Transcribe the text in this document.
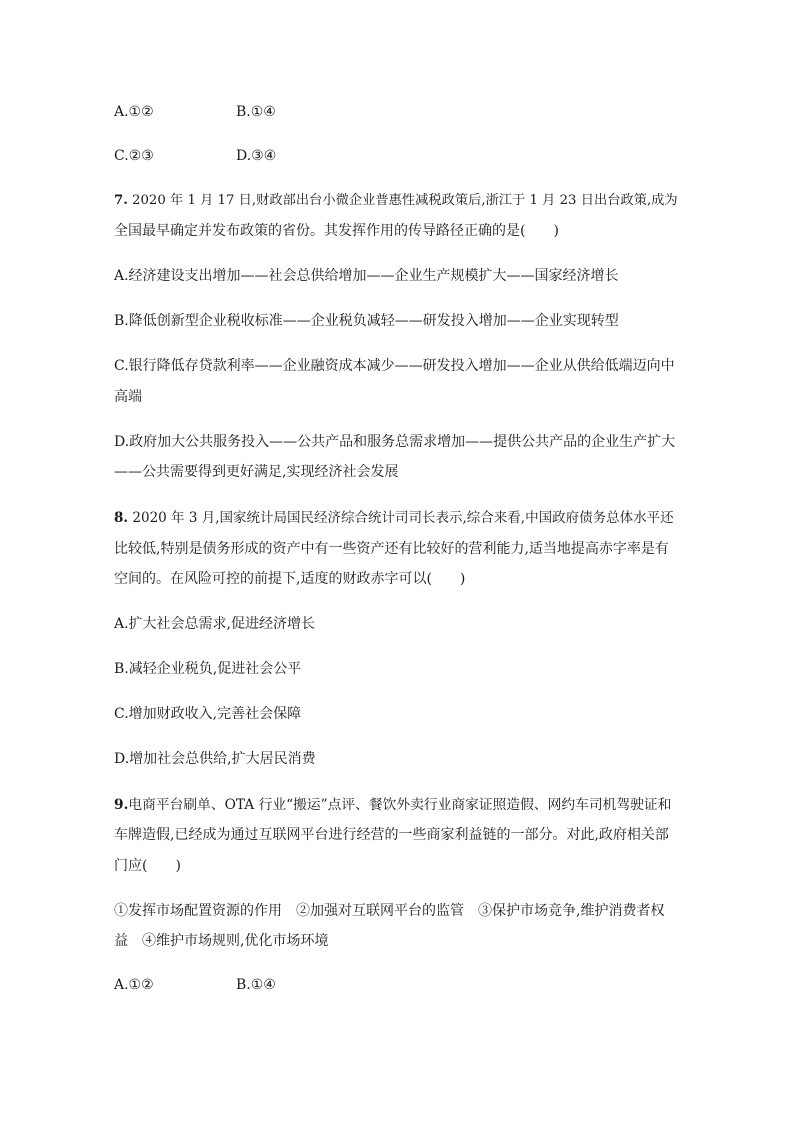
A.①②	B.①④
C.②③	D.③④
7. 2020 年 1 月 17 日,财政部出台小微企业普惠性减税政策后,浙江于 1 月 23 日出台政策,成为
全国最早确定并发布政策的省份。其发挥作用的传导路径正确的是(　　)
A.经济建设支出增加——社会总供给增加——企业生产规模扩大——国家经济增长
B.降低创新型企业税收标准——企业税负减轻——研发投入增加——企业实现转型
C.银行降低存贷款利率——企业融资成本减少——研发投入增加——企业从供给低端迈向中
高端
D.政府加大公共服务投入——公共产品和服务总需求增加——提供公共产品的企业生产扩大
——公共需要得到更好满足,实现经济社会发展
8. 2020 年 3 月,国家统计局国民经济综合统计司司长表示,综合来看,中国政府债务总体水平还
比较低,特别是债务形成的资产中有一些资产还有比较好的营利能力,适当地提高赤字率是有
空间的。在风险可控的前提下,适度的财政赤字可以(　　)
A.扩大社会总需求,促进经济增长
B.减轻企业税负,促进社会公平
C.增加财政收入,完善社会保障
D.增加社会总供给,扩大居民消费
9.电商平台刷单、OTA 行业“搬运”点评、餐饮外卖行业商家证照造假、网约车司机驾驶证和
车牌造假,已经成为通过互联网平台进行经营的一些商家利益链的一部分。对此,政府相关部
门应(　　)
①发挥市场配置资源的作用　②加强对互联网平台的监管　③保护市场竞争,维护消费者权
益　④维护市场规则,优化市场环境
A.①②	B.①④
